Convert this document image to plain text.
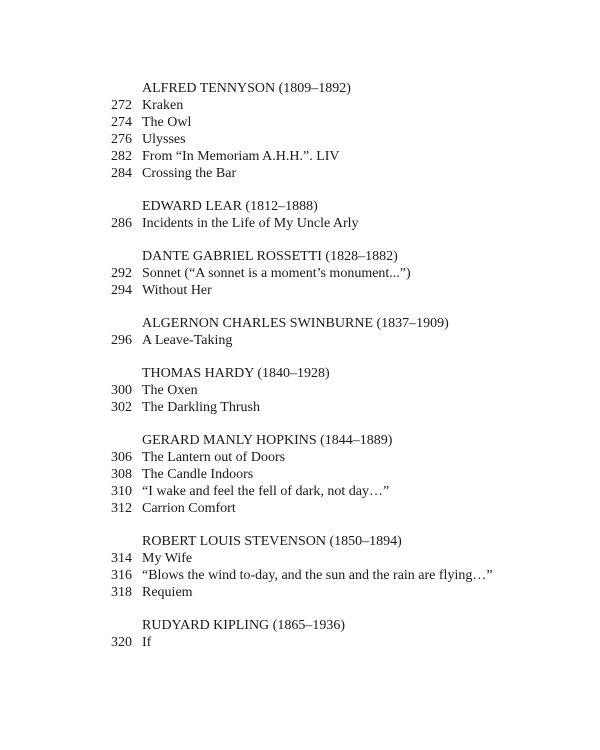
ALFRED TENNYSON (1809–1892)
272 Kraken
274 The Owl
276 Ulysses
282 From “In Memoriam A.H.H.”. LIV
284 Crossing the Bar
EDWARD LEAR (1812–1888)
286 Incidents in the Life of My Uncle Arly
DANTE GABRIEL ROSSETTI (1828–1882)
292 Sonnet (“A sonnet is a moment’s monument...”)
294 Without Her
ALGERNON CHARLES SWINBURNE (1837–1909)
296 A Leave-Taking
THOMAS HARDY (1840–1928)
300 The Oxen
302 The Darkling Thrush
GERARD MANLY HOPKINS (1844–1889)
306 The Lantern out of Doors
308 The Candle Indoors
310 “I wake and feel the fell of dark, not day…”
312 Carrion Comfort
ROBERT LOUIS STEVENSON (1850–1894)
314 My Wife
316 “Blows the wind to-day, and the sun and the rain are flying…”
318 Requiem
RUDYARD KIPLING (1865–1936)
320 If
